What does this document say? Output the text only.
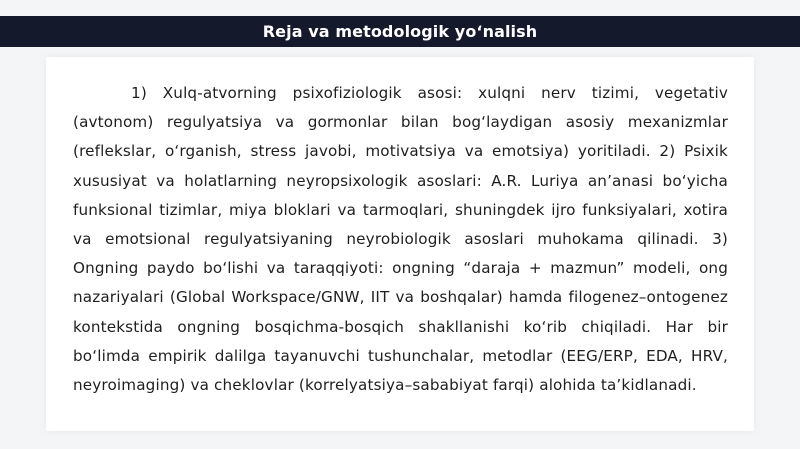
Reja va metodologik yo‘nalish

1) Xulq-atvorning psixofiziologik asosi: xulqni nerv tizimi, vegetativ (avtonom) regulyatsiya va gormonlar bilan bog‘laydigan asosiy mexanizmlar (reflekslar, o‘rganish, stress javobi, motivatsiya va emotsiya) yoritiladi. 2) Psixik xususiyat va holatlarning neyropsixologik asoslari: A.R. Luriya an’anasi bo‘yicha funksional tizimlar, miya bloklari va tarmoqlari, shuningdek ijro funksiyalari, xotira va emotsional regulyatsiyaning neyrobiologik asoslari muhokama qilinadi. 3) Ongning paydo bo‘lishi va taraqqiyoti: ongning “daraja + mazmun” modeli, ong nazariyalari (Global Workspace/GNW, IIT va boshqalar) hamda filogenez–ontogenez kontekstida ongning bosqichma-bosqich shakllanishi ko‘rib chiqiladi. Har bir bo‘limda empirik dalilga tayanuvchi tushunchalar, metodlar (EEG/ERP, EDA, HRV, neyroimaging) va cheklovlar (korrelyatsiya–sababiyat farqi) alohida ta’kidlanadi.
